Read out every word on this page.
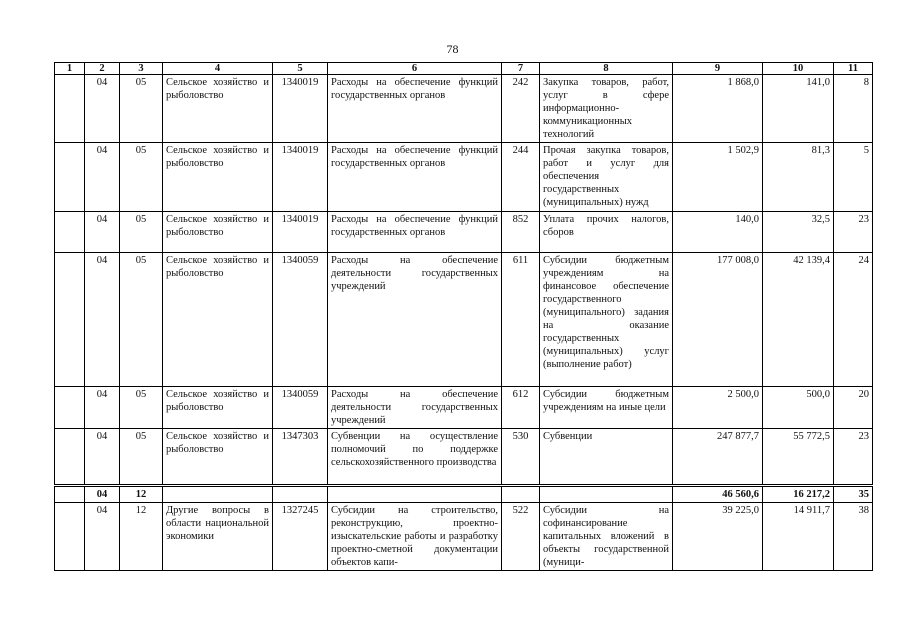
78
1	2	3	4	5	6	7	8	9	10	11
	04	05	Сельское хозяйство и рыболовство	1340019	Расходы на обеспечение функций государственных органов	242	Закупка товаров, работ, услуг в сфере информационно-коммуникационных технологий	1 868,0	141,0	8
	04	05	Сельское хозяйство и рыболовство	1340019	Расходы на обеспечение функций государственных органов	244	Прочая закупка товаров, работ и услуг для обеспечения государственных (муниципальных) нужд	1 502,9	81,3	5
	04	05	Сельское хозяйство и рыболовство	1340019	Расходы на обеспечение функций государственных органов	852	Уплата прочих налогов, сборов	140,0	32,5	23
	04	05	Сельское хозяйство и рыболовство	1340059	Расходы на обеспечение деятельности государственных учреждений	611	Субсидии бюджетным учреждениям на финансовое обеспечение государственного (муниципального) задания на оказание государственных (муниципальных) услуг (выполнение работ)	177 008,0	42 139,4	24
	04	05	Сельское хозяйство и рыболовство	1340059	Расходы на обеспечение деятельности государственных учреждений	612	Субсидии бюджетным учреждениям на иные цели	2 500,0	500,0	20
	04	05	Сельское хозяйство и рыболовство	1347303	Субвенции на осуществление полномочий по поддержке сельскохозяйственного производства	530	Субвенции	247 877,7	55 772,5	23
	04	12						46 560,6	16 217,2	35
	04	12	Другие вопросы в области национальной экономики	1327245	Субсидии на строительство, реконструкцию, проектно-изыскательские работы и разработку проектно-сметной документации объектов капи-	522	Субсидии на софинансирование капитальных вложений в объекты государственной (муници-	39 225,0	14 911,7	38
